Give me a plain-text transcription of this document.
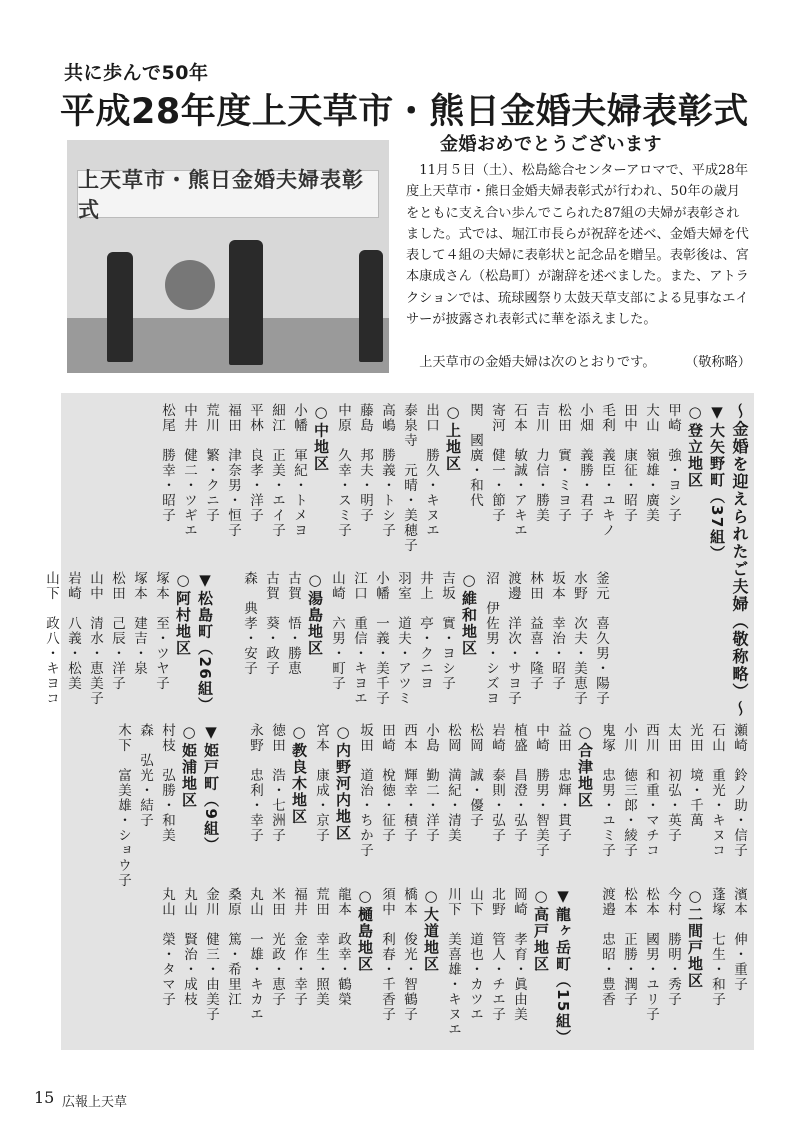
共に歩んで50年
平成28年度上天草市・熊日金婚夫婦表彰式
上天草市・熊日金婚夫婦表彰式
金婚おめでとうございます
11月５日（土）、松島総合センターアロマで、平成28年度上天草市・熊日金婚夫婦表彰式が行われ、50年の歳月をともに支え合い歩んでこられた87組の夫婦が表彰されました。式では、堀江市長らが祝辞を述べ、金婚夫婦を代表して４組の夫婦に表彰状と記念品を贈呈。表彰後は、宮本康成さん（松島町）が謝辞を述べました。また、アトラクションでは、琉球國祭り太鼓天草支部による見事なエイサーが披露され表彰式に華を添えました。
上天草市の金婚夫婦は次のとおりです。 （敬称略）
～金婚を迎えられたご夫婦（敬称略）～
▼大矢野町（37組）
○登立地区
甲崎　強・ヨシ子
大山　嶺雄・廣美
田中　康征・昭子
毛利　義臣・ユキノ
小畑　義勝・君子
松田　實・ミヨ子
吉川　力信・勝美
石本　敏誠・アキエ
寄河　健一・節子
関　國廣・和代
○上地区
出口　勝久・キヌエ
泰泉寺　元晴・美穂子
高嶋　勝義・トシ子
藤島　邦夫・明子
中原　久幸・スミ子
○中地区
小幡　軍紀・トメヨ
細江　正美・エイ子
平林　良孝・洋子
福田　津奈男・恒子
荒川　繁・クニ子
中井　健二・ツギエ
松尾　勝幸・昭子
釜元　喜久男・陽子
水野　次夫・美恵子
坂本　幸治・昭子
林田　益喜・隆子
渡邊　洋次・サヨ子
沼　伊佐男・シズヨ
○維和地区
吉坂　實・ヨシ子
井上　亭・クニヨ
羽室　道夫・アツミ
小幡　一義・美千子
江口　重信・キヨエ
山崎　六男・町子
○湯島地区
古賀　悟・勝恵
古賀　葵・政子
森　典孝・安子

▼松島町（26組）
○阿村地区
塚本　至・ツヤ子
塚本　建吉・泉
松田　己辰・洋子
山中　清水・恵美子
岩崎　八義・松美
山下　政八・キヨコ
瀬崎　鈴ノ助・信子
石山　重光・キヌコ
光田　境・千萬
太田　初弘・英子
西川　和重・マチコ
小川　徳三郎・綾子
鬼塚　忠男・ユミ子
○合津地区
益田　忠輝・貫子
中崎　勝男・智美子
植盛　昌澄・弘子
岩崎　泰則・弘子
松岡　誠・優子
松岡　満紀・清美
小島　勤二・洋子
西本　輝幸・積子
田崎　梲徳・征子
坂田　道治・ちか子
○内野河内地区
宮本　康成・京子
○教良木地区
徳田　浩・七洲子
永野　忠利・幸子

▼姫戸町（9組）
○姫浦地区
村枝　弘勝・和美
森　弘光・結子
木下　富美雄・ショウ子
濱本　伸・重子
蓬塚　七生・和子
○二間戸地区
今村　勝明・秀子
松本　國男・ユリ子
松本　正勝・潤子
渡邉　忠昭・豊香

▼龍ヶ岳町（15組）
○高戸地区
岡崎　孝育・眞由美
北野　管人・チエ子
山下　道也・カツエ
川下　美喜雄・キヌエ
○大道地区
橋本　俊光・智鶴子
須中　利春・千香子
○樋島地区
龍本　政幸・鶴榮
荒田　幸生・照美
福井　金作・幸子
米田　光政・恵子
丸山　一雄・キカエ
桑原　篤・希里江
金川　健三・由美子
丸山　賢治・成枝
丸山　榮・タマ子
15 広報上天草
